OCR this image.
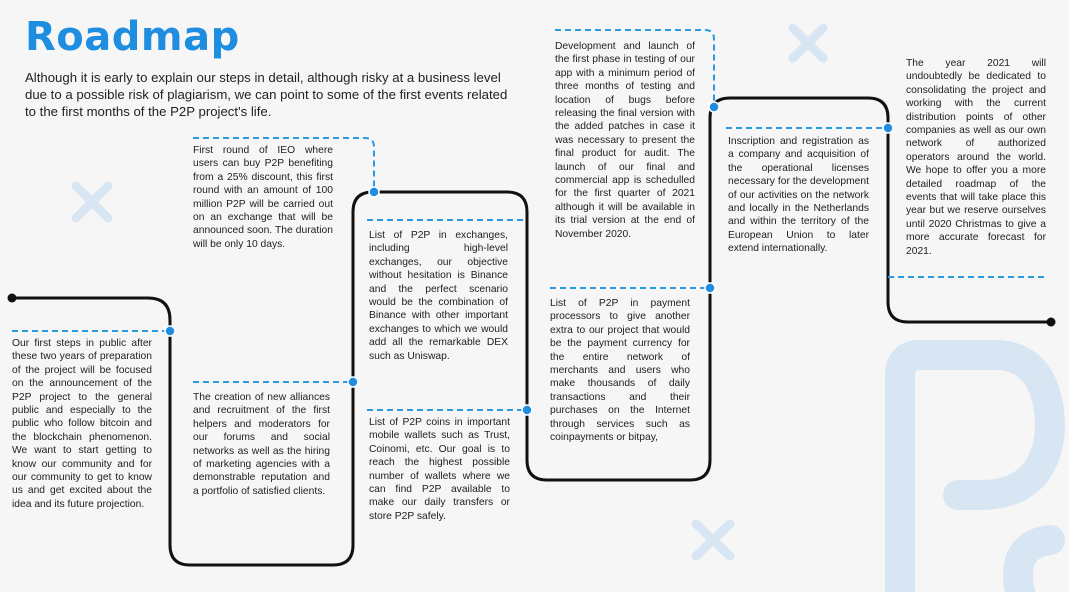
Roadmap

Although it is early to explain our steps in detail, although risky at a business level due to a possible risk of plagiarism, we can point to some of the first events related to the first months of the P2P project's life.

Our first steps in public after these two years of preparation of the project will be focused on the announcement of the P2P project to the general public and especially to the public who follow bitcoin and the blockchain phenomenon. We want to start getting to know our community and for our community to get to know us and get excited about the idea and its future projection.
First round of IEO where users can buy P2P benefiting from a 25% discount, this first round with an amount of 100 million P2P will be carried out on an exchange that will be announced soon. The duration will be only 10 days.
The creation of new alliances and recruitment of the first helpers and moderators for our forums and social networks as well as the hiring of marketing agencies with a demonstrable reputation and a portfolio of satisfied clients.
List of P2P in exchanges, including high-level exchanges, our objective without hesitation is Binance and the perfect scenario would be the combination of Binance with other important exchanges to which we would add all the remarkable DEX such as Uniswap.
List of P2P coins in important mobile wallets such as Trust, Coinomi, etc. Our goal is to reach the highest possible number of wallets where we can find P2P available to make our daily transfers or store P2P safely.
Development and launch of the first phase in testing of our app with a minimum period of three months of testing and location of bugs before releasing the final version with the added patches in case it was necessary to present the final product for audit. The launch of our final and commercial app is schedulled for the first quarter of 2021 although it will be available in its trial version at the end of November 2020.
List of P2P in payment processors to give another extra to our project that would be the payment currency for the entire network of merchants and users who make thousands of daily transactions and their purchases on the Internet through services such as coinpayments or bitpay,
Inscription and registration as a company and acquisition of the operational licenses necessary for the development of our activities on the network and locally in the Netherlands and within the territory of the European Union to later extend internationally.
The year 2021 will undoubtedly be dedicated to consolidating the project and working with the current distribution points of other companies as well as our own network of authorized operators around the world. We hope to offer you a more detailed roadmap of the events that will take place this year but we reserve ourselves until 2020 Christmas to give a more accurate forecast for 2021.
